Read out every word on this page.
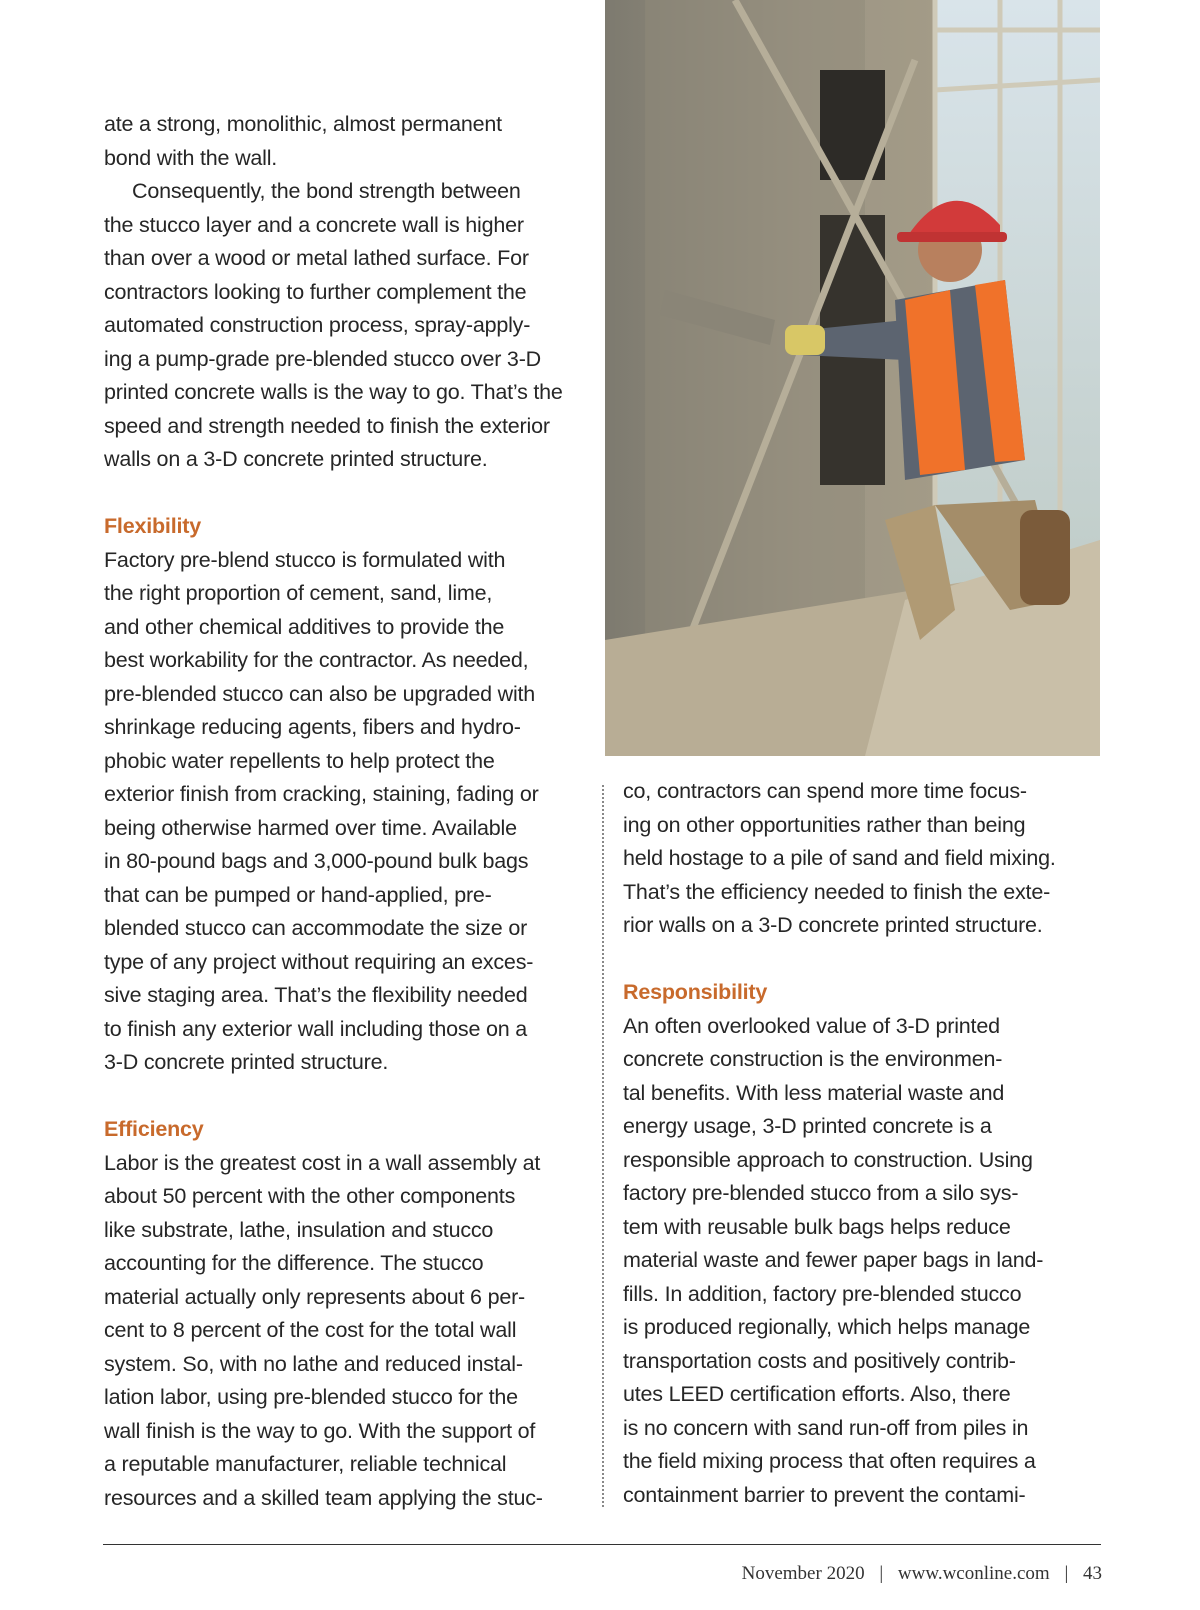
ate a strong, monolithic, almost permanent
bond with the wall.
Consequently, the bond strength between
the stucco layer and a concrete wall is higher
than over a wood or metal lathed surface. For
contractors looking to further complement the
automated construction process, spray-apply-
ing a pump-grade pre-blended stucco over 3-D
printed concrete walls is the way to go. That’s the
speed and strength needed to finish the exterior
walls on a 3-D concrete printed structure.
Flexibility
Factory pre-blend stucco is formulated with
the right proportion of cement, sand, lime,
and other chemical additives to provide the
best workability for the contractor. As needed,
pre-blended stucco can also be upgraded with
shrinkage reducing agents, fibers and hydro-
phobic water repellents to help protect the
exterior finish from cracking, staining, fading or
being otherwise harmed over time. Available
in 80-pound bags and 3,000-pound bulk bags
that can be pumped or hand-applied, pre-
blended stucco can accommodate the size or
type of any project without requiring an exces-
sive staging area. That’s the flexibility needed
to finish any exterior wall including those on a
3-D concrete printed structure.
Efficiency
Labor is the greatest cost in a wall assembly at
about 50 percent with the other components
like substrate, lathe, insulation and stucco
accounting for the difference. The stucco
material actually only represents about 6 per-
cent to 8 percent of the cost for the total wall
system. So, with no lathe and reduced instal-
lation labor, using pre-blended stucco for the
wall finish is the way to go. With the support of
a reputable manufacturer, reliable technical
resources and a skilled team applying the stuc-
co, contractors can spend more time focus-
ing on other opportunities rather than being
held hostage to a pile of sand and field mixing.
That’s the efficiency needed to finish the exte-
rior walls on a 3-D concrete printed structure.
Responsibility
An often overlooked value of 3-D printed
concrete construction is the environmen-
tal benefits. With less material waste and
energy usage, 3-D printed concrete is a
responsible approach to construction. Using
factory pre-blended stucco from a silo sys-
tem with reusable bulk bags helps reduce
material waste and fewer paper bags in land-
fills. In addition, factory pre-blended stucco
is produced regionally, which helps manage
transportation costs and positively contrib-
utes LEED certification efforts. Also, there
is no concern with sand run-off from piles in
the field mixing process that often requires a
containment barrier to prevent the contami-
November 2020 | www.wconline.com | 43
